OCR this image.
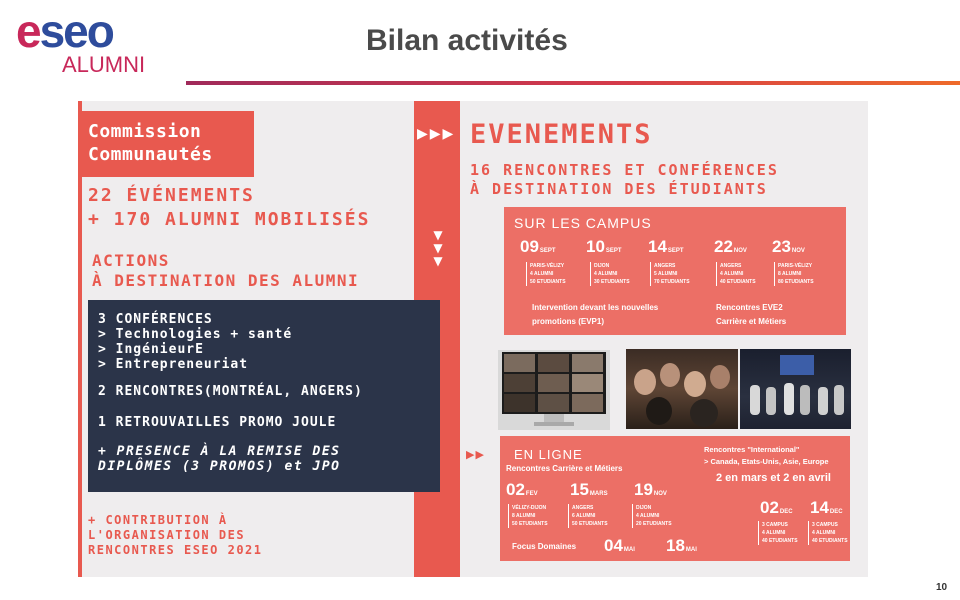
eseo
ALUMNI
Bilan activités
Commission
Communautés
22 ÉVÉNEMENTS
+ 170 ALUMNI MOBILISÉS
ACTIONS
À DESTINATION DES ALUMNI
3 CONFÉRENCES
> Technologies + santé
> IngénieurE
> Entrepreneuriat
2 RENCONTRES(MONTRÉAL, ANGERS)
1 RETROUVAILLES PROMO JOULE
+ PRESENCE À LA REMISE DES
DIPLÔMES (3 PROMOS) et JPO
+ CONTRIBUTION À
L'ORGANISATION DES
RENCONTRES ESEO 2021
▶▶▶
▼
▼
▼
EVENEMENTS
16 RENCONTRES ET CONFÉRENCES
À DESTINATION DES ÉTUDIANTS
SUR LES CAMPUS
09SEPT
PARIS-VÉLIZY
4 ALUMNI
50 ETUDIANTS
10SEPT
DIJON
4 ALUMNI
30 ETUDIANTS
14SEPT
ANGERS
5 ALUMNI
70 ETUDIANTS
22NOV
ANGERS
4 ALUMNI
40 ETUDIANTS
23NOV
PARIS-VÉLIZY
8 ALUMNI
80 ETUDIANTS
Intervention devant les nouvelles
promotions (EVP1)
Rencontres EVE2
Carrière et Métiers
▶▶ EN LIGNE
Rencontres Carrière et Métiers
Rencontres "International"
> Canada, Etats-Unis, Asie, Europe
2 en mars et 2 en avril
02FEV
VÉLIZY-DIJON
8 ALUMNI
50 ETUDIANTS
15MARS
ANGERS
6 ALUMNI
50 ETUDIANTS
19NOV
DIJON
4 ALUMNI
20 ETUDIANTS
02DEC
3 CAMPUS
4 ALUMNI
40 ETUDIANTS
14DEC
3 CAMPUS
4 ALUMNI
40 ETUDIANTS
Focus Domaines 04MAI 18MAI
10
